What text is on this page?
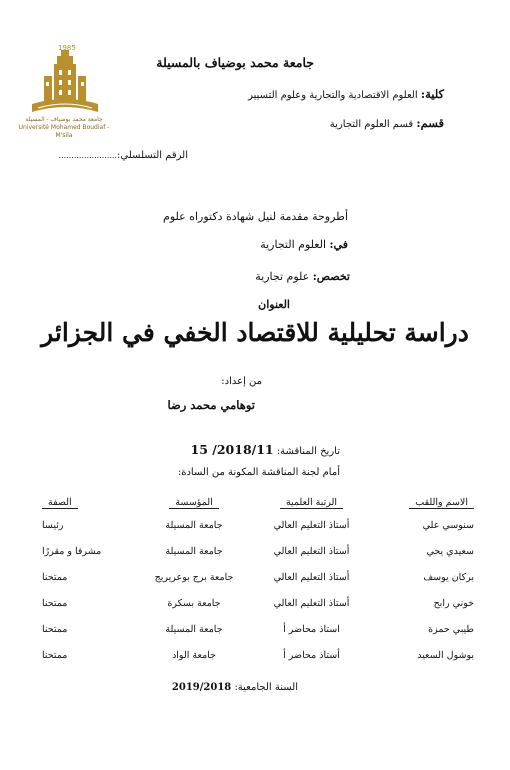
1985
جامعة محمد بوضياف - المسيلة
Université Mohamed Boudiaf - M'sila
جامعة محمد بوضياف بالمسيلة
كلية: العلوم الاقتصادية والتجارية وعلوم التسيير
قسم: قسم العلوم التجارية
الرقم التسلسلي:.......................
أطروحة مقدمة لنيل شهادة دكتوراه علوم
في: العلوم التجارية
تخصص: علوم تجارية
العنوان
دراسة تحليلية للاقتصاد الخفي في الجزائر
من إعداد:
توهامي محمد رضا
تاريخ المناقشة: 15 /2018/11
أمام لجنة المناقشة المكونة من السادة:
الاسم واللقب	الرتبة العلمية	المؤسسة	الصفة
سنوسي علي	أستاذ التعليم العالي	جامعة المسيلة	رئيسا
سعيدي يحي	أستاذ التعليم العالي	جامعة المسيلة	مشرفا و مقررًا
بركان يوسف	أستاذ التعليم العالي	جامعة برج بوعريريج	ممتحنا
خوني رابح	أستاذ التعليم العالي	جامعة بسكرة	ممتحنا
طيبي حمزة	استاذ محاضر أ	جامعة المسيلة	ممتحنا
بوشول السعيد	أستاذ محاضر أ	جامعة الواد	ممتحنا
السنة الجامعية: 2019/2018
